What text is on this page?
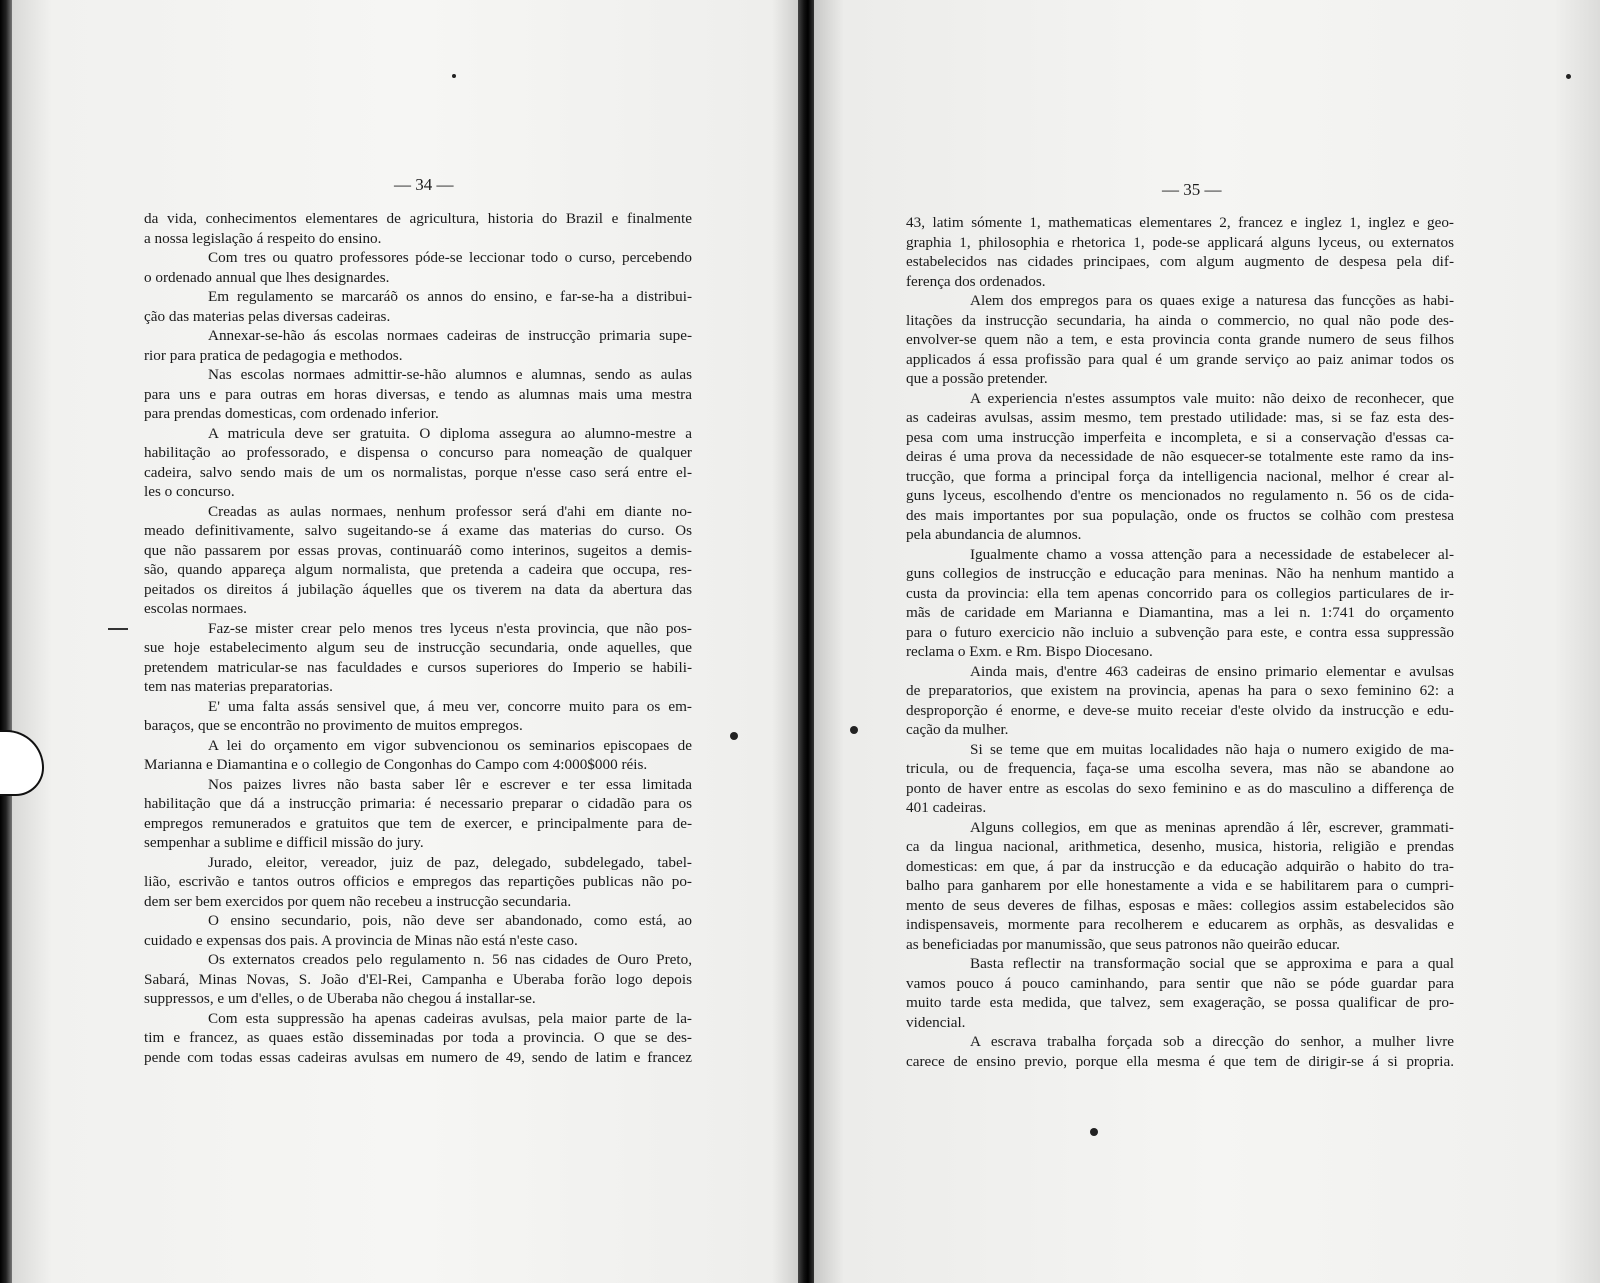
— 34 —
da vida, conhecimentos elementares de agricultura, historia do Brazil e finalmente
a nossa legislação á respeito do ensino.
Com tres ou quatro professores póde-se leccionar todo o curso, percebendo
o ordenado annual que lhes designardes.
Em regulamento se marcaráõ os annos do ensino, e far-se-ha a distribui-
ção das materias pelas diversas cadeiras.
Annexar-se-hão ás escolas normaes cadeiras de instrucção primaria supe-
rior para pratica de pedagogia e methodos.
Nas escolas normaes admittir-se-hão alumnos e alumnas, sendo as aulas
para uns e para outras em horas diversas, e tendo as alumnas mais uma mestra
para prendas domesticas, com ordenado inferior.
A matricula deve ser gratuita. O diploma assegura ao alumno-mestre a
habilitação ao professorado, e dispensa o concurso para nomeação de qualquer
cadeira, salvo sendo mais de um os normalistas, porque n'esse caso será entre el-
les o concurso.
Creadas as aulas normaes, nenhum professor será d'ahi em diante no-
meado definitivamente, salvo sugeitando-se á exame das materias do curso. Os
que não passarem por essas provas, continuaráõ como interinos, sugeitos a demis-
são, quando appareça algum normalista, que pretenda a cadeira que occupa, res-
peitados os direitos á jubilação áquelles que os tiverem na data da abertura das
escolas normaes.
Faz-se mister crear pelo menos tres lyceus n'esta provincia, que não pos-
sue hoje estabelecimento algum seu de instrucção secundaria, onde aquelles, que
pretendem matricular-se nas faculdades e cursos superiores do Imperio se habili-
tem nas materias preparatorias.
E' uma falta assás sensivel que, á meu ver, concorre muito para os em-
baraços, que se encontrão no provimento de muitos empregos.
A lei do orçamento em vigor subvencionou os seminarios episcopaes de
Marianna e Diamantina e o collegio de Congonhas do Campo com 4:000$000 réis.
Nos paizes livres não basta saber lêr e escrever e ter essa limitada
habilitação que dá a instrucção primaria: é necessario preparar o cidadão para os
empregos remunerados e gratuitos que tem de exercer, e principalmente para de-
sempenhar a sublime e difficil missão do jury.
Jurado, eleitor, vereador, juiz de paz, delegado, subdelegado, tabel-
lião, escrivão e tantos outros officios e empregos das repartições publicas não po-
dem ser bem exercidos por quem não recebeu a instrucção secundaria.
O ensino secundario, pois, não deve ser abandonado, como está, ao
cuidado e expensas dos pais. A provincia de Minas não está n'este caso.
Os externatos creados pelo regulamento n. 56 nas cidades de Ouro Preto,
Sabará, Minas Novas, S. João d'El-Rei, Campanha e Uberaba forão logo depois
suppressos, e um d'elles, o de Uberaba não chegou á installar-se.
Com esta suppressão ha apenas cadeiras avulsas, pela maior parte de la-
tim e francez, as quaes estão disseminadas por toda a provincia. O que se des-
pende com todas essas cadeiras avulsas em numero de 49, sendo de latim e francez
— 35 —
43, latim sómente 1, mathematicas elementares 2, francez e inglez 1, inglez e geo-
graphia 1, philosophia e rhetorica 1, pode-se applicará alguns lyceus, ou externatos
estabelecidos nas cidades principaes, com algum augmento de despesa pela dif-
ferença dos ordenados.
Alem dos empregos para os quaes exige a naturesa das funcções as habi-
litações da instrucção secundaria, ha ainda o commercio, no qual não pode des-
envolver-se quem não a tem, e esta provincia conta grande numero de seus filhos
applicados á essa profissão para qual é um grande serviço ao paiz animar todos os
que a possão pretender.
A experiencia n'estes assumptos vale muito: não deixo de reconhecer, que
as cadeiras avulsas, assim mesmo, tem prestado utilidade: mas, si se faz esta des-
pesa com uma instrucção imperfeita e incompleta, e si a conservação d'essas ca-
deiras é uma prova da necessidade de não esquecer-se totalmente este ramo da ins-
trucção, que forma a principal força da intelligencia nacional, melhor é crear al-
guns lyceus, escolhendo d'entre os mencionados no regulamento n. 56 os de cida-
des mais importantes por sua população, onde os fructos se colhão com prestesa
pela abundancia de alumnos.
Igualmente chamo a vossa attenção para a necessidade de estabelecer al-
guns collegios de instrucção e educação para meninas. Não ha nenhum mantido a
custa da provincia: ella tem apenas concorrido para os collegios particulares de ir-
mãs de caridade em Marianna e Diamantina, mas a lei n. 1:741 do orçamento
para o futuro exercicio não incluio a subvenção para este, e contra essa suppressão
reclama o Exm. e Rm. Bispo Diocesano.
Ainda mais, d'entre 463 cadeiras de ensino primario elementar e avulsas
de preparatorios, que existem na provincia, apenas ha para o sexo feminino 62: a
desproporção é enorme, e deve-se muito receiar d'este olvido da instrucção e edu-
cação da mulher.
Si se teme que em muitas localidades não haja o numero exigido de ma-
tricula, ou de frequencia, faça-se uma escolha severa, mas não se abandone ao
ponto de haver entre as escolas do sexo feminino e as do masculino a differença de
401 cadeiras.
Alguns collegios, em que as meninas aprendão á lêr, escrever, grammati-
ca da lingua nacional, arithmetica, desenho, musica, historia, religião e prendas
domesticas: em que, á par da instrucção e da educação adquirão o habito do tra-
balho para ganharem por elle honestamente a vida e se habilitarem para o cumpri-
mento de seus deveres de filhas, esposas e mães: collegios assim estabelecidos são
indispensaveis, mormente para recolherem e educarem as orphãs, as desvalidas e
as beneficiadas por manumissão, que seus patronos não queirão educar.
Basta reflectir na transformação social que se approxima e para a qual
vamos pouco á pouco caminhando, para sentir que não se póde guardar para
muito tarde esta medida, que talvez, sem exageração, se possa qualificar de pro-
videncial.
A escrava trabalha forçada sob a direcção do senhor, a mulher livre
carece de ensino previo, porque ella mesma é que tem de dirigir-se á si propria.
